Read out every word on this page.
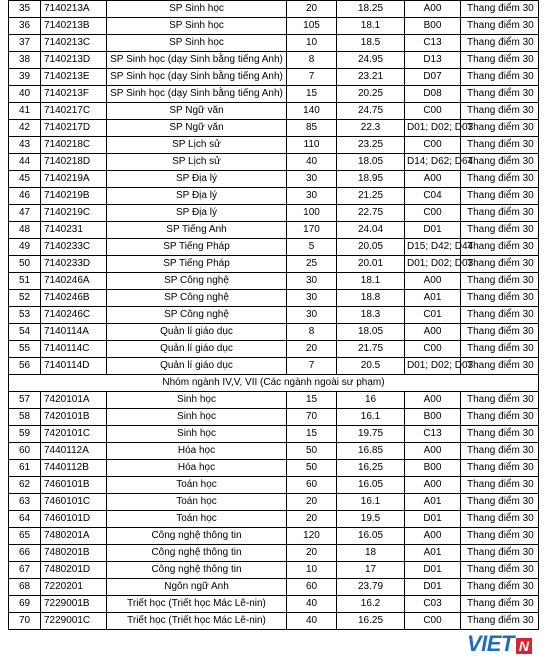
35	7140213A	SP Sinh học	20	18.25	A00	Thang điểm 30
36	7140213B	SP Sinh học	105	18.1	B00	Thang điểm 30
37	7140213C	SP Sinh học	10	18.5	C13	Thang điểm 30
38	7140213D	SP Sinh học (dạy Sinh bằng tiếng Anh)	8	24.95	D13	Thang điểm 30
39	7140213E	SP Sinh học (dạy Sinh bằng tiếng Anh)	7	23.21	D07	Thang điểm 30
40	7140213F	SP Sinh học (dạy Sinh bằng tiếng Anh)	15	20.25	D08	Thang điểm 30
41	7140217C	SP Ngữ văn	140	24.75	C00	Thang điểm 30
42	7140217D	SP Ngữ văn	85	22.3	D01; D02; D03	Thang điểm 30
43	7140218C	SP Lịch sử	110	23.25	C00	Thang điểm 30
44	7140218D	SP Lịch sử	40	18.05	D14; D62; D64	Thang điểm 30
45	7140219A	SP Địa lý	30	18.95	A00	Thang điểm 30
46	7140219B	SP Địa lý	30	21.25	C04	Thang điểm 30
47	7140219C	SP Địa lý	100	22.75	C00	Thang điểm 30
48	7140231	SP Tiếng Anh	170	24.04	D01	Thang điểm 30
49	7140233C	SP Tiếng Pháp	5	20.05	D15; D42; D44	Thang điểm 30
50	7140233D	SP Tiếng Pháp	25	20.01	D01; D02; D03	Thang điểm 30
51	7140246A	SP Công nghệ	30	18.1	A00	Thang điểm 30
52	7140246B	SP Công nghệ	30	18.8	A01	Thang điểm 30
53	7140246C	SP Công nghệ	30	18.3	C01	Thang điểm 30
54	7140114A	Quản lí giáo dục	8	18.05	A00	Thang điểm 30
55	7140114C	Quản lí giáo dục	20	21.75	C00	Thang điểm 30
56	7140114D	Quản lí giáo dục	7	20.5	D01; D02; D03	Thang điểm 30
Nhóm ngành IV,V, VII (Các ngành ngoài sư phạm)						
57	7420101A	Sinh học	15	16	A00	Thang điểm 30
58	7420101B	Sinh học	70	16.1	B00	Thang điểm 30
59	7420101C	Sinh học	15	19.75	C13	Thang điểm 30
60	7440112A	Hóa học	50	16.85	A00	Thang điểm 30
61	7440112B	Hóa học	50	16.25	B00	Thang điểm 30
62	7460101B	Toán học	60	16.05	A00	Thang điểm 30
63	7460101C	Toán học	20	16.1	A01	Thang điểm 30
64	7460101D	Toán học	20	19.5	D01	Thang điểm 30
65	7480201A	Công nghệ thông tin	120	16.05	A00	Thang điểm 30
66	7480201B	Công nghệ thông tin	20	18	A01	Thang điểm 30
67	7480201D	Công nghệ thông tin	10	17	D01	Thang điểm 30
68	7220201	Ngôn ngữ Anh	60	23.79	D01	Thang điểm 30
69	7229001B	Triết học (Triết học Mác Lê-nin)	40	16.2	C03	Thang điểm 30
70	7229001C	Triết học (Triết học Mác Lê-nin)	40	16.25	C00	Thang điểm 30
VIET N
